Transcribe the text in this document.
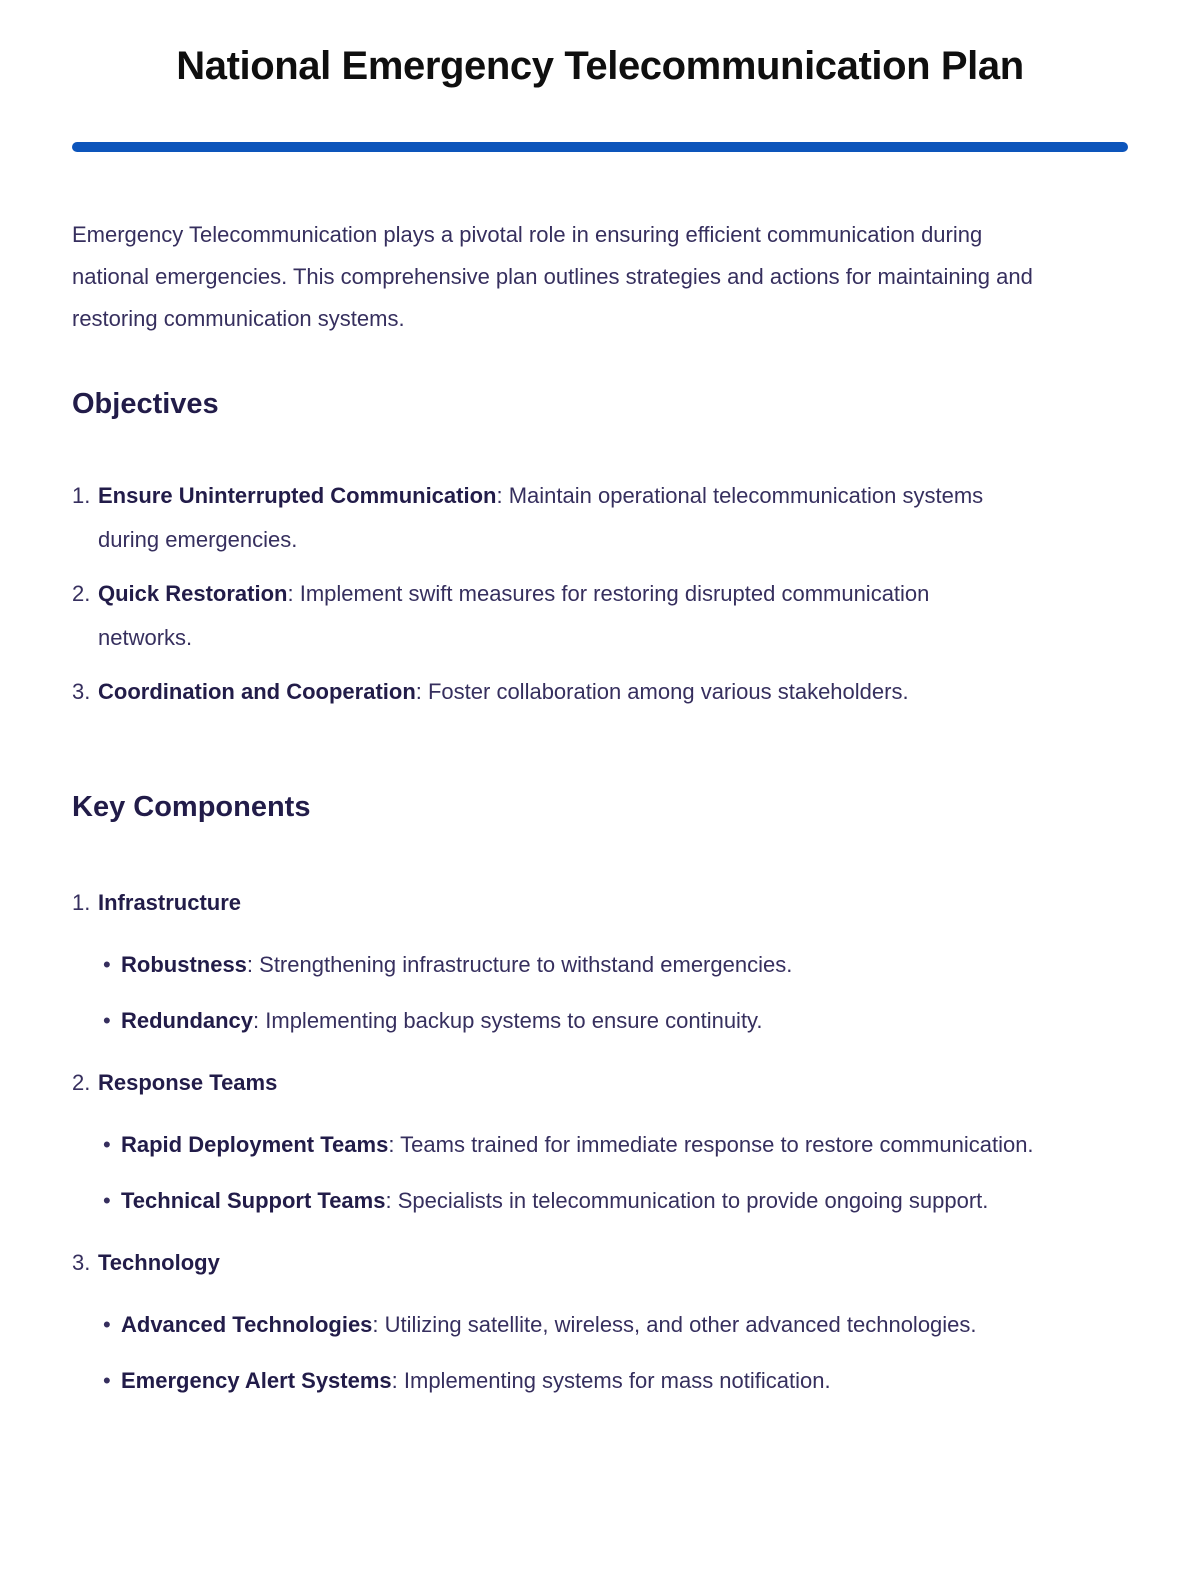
National Emergency Telecommunication Plan

Emergency Telecommunication plays a pivotal role in ensuring efficient communication during national emergencies. This comprehensive plan outlines strategies and actions for maintaining and restoring communication systems.

Objectives
1. Ensure Uninterrupted Communication: Maintain operational telecommunication systems during emergencies.
2. Quick Restoration: Implement swift measures for restoring disrupted communication networks.
3. Coordination and Cooperation: Foster collaboration among various stakeholders.
Key Components
1. Infrastructure
• Robustness: Strengthening infrastructure to withstand emergencies.
• Redundancy: Implementing backup systems to ensure continuity.
2. Response Teams
• Rapid Deployment Teams: Teams trained for immediate response to restore communication.
• Technical Support Teams: Specialists in telecommunication to provide ongoing support.
3. Technology
• Advanced Technologies: Utilizing satellite, wireless, and other advanced technologies.
• Emergency Alert Systems: Implementing systems for mass notification.
